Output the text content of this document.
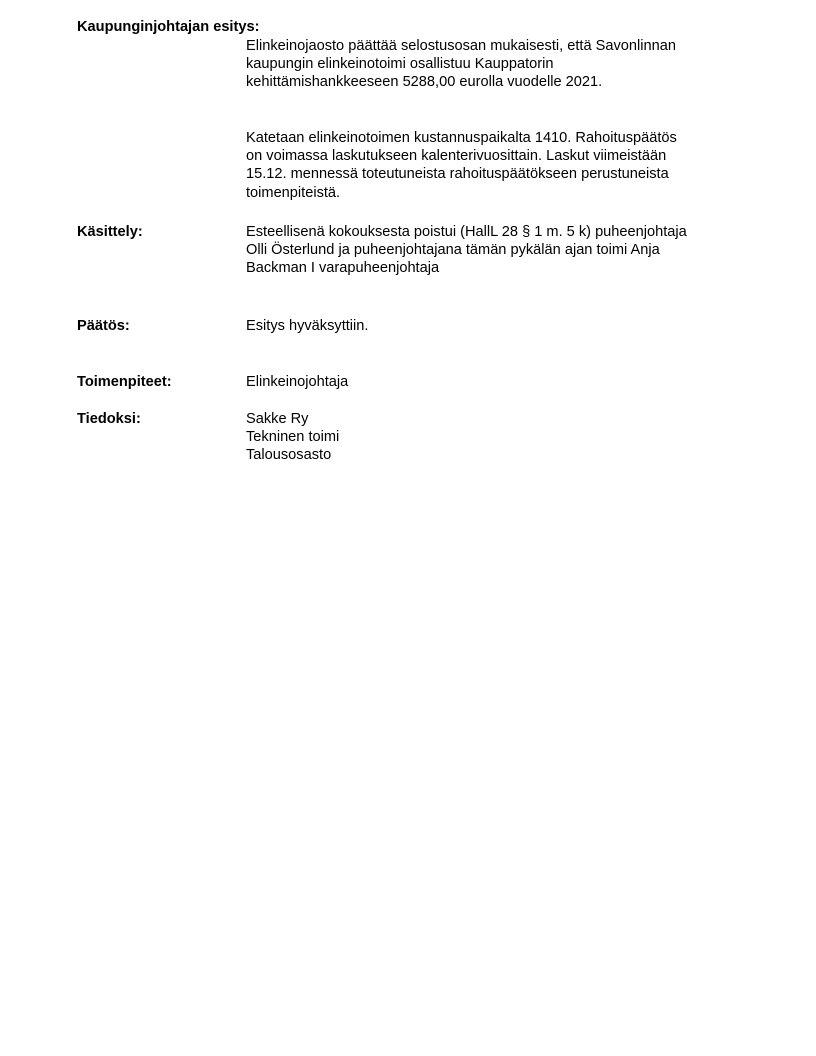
Kaupunginjohtajan esitys:
Elinkeinojaosto päättää selostusosan mukaisesti, että Savonlinnan
kaupungin elinkeinotoimi osallistuu Kauppatorin
kehittämishankkeeseen 5288,00 eurolla vuodelle 2021.
Katetaan elinkeinotoimen kustannuspaikalta 1410. Rahoituspäätös
on voimassa laskutukseen kalenterivuosittain. Laskut viimeistään
15.12. mennessä toteutuneista rahoituspäätökseen perustuneista
toimenpiteistä.
Käsittely:	Esteellisenä kokouksesta poistui (HallL 28 § 1 m. 5 k) puheenjohtaja
Olli Österlund ja puheenjohtajana tämän pykälän ajan toimi Anja
Backman I varapuheenjohtaja
Päätös:	Esitys hyväksyttiin.
Toimenpiteet:	Elinkeinojohtaja
Tiedoksi:	Sakke Ry
Tekninen toimi
Talousosasto
